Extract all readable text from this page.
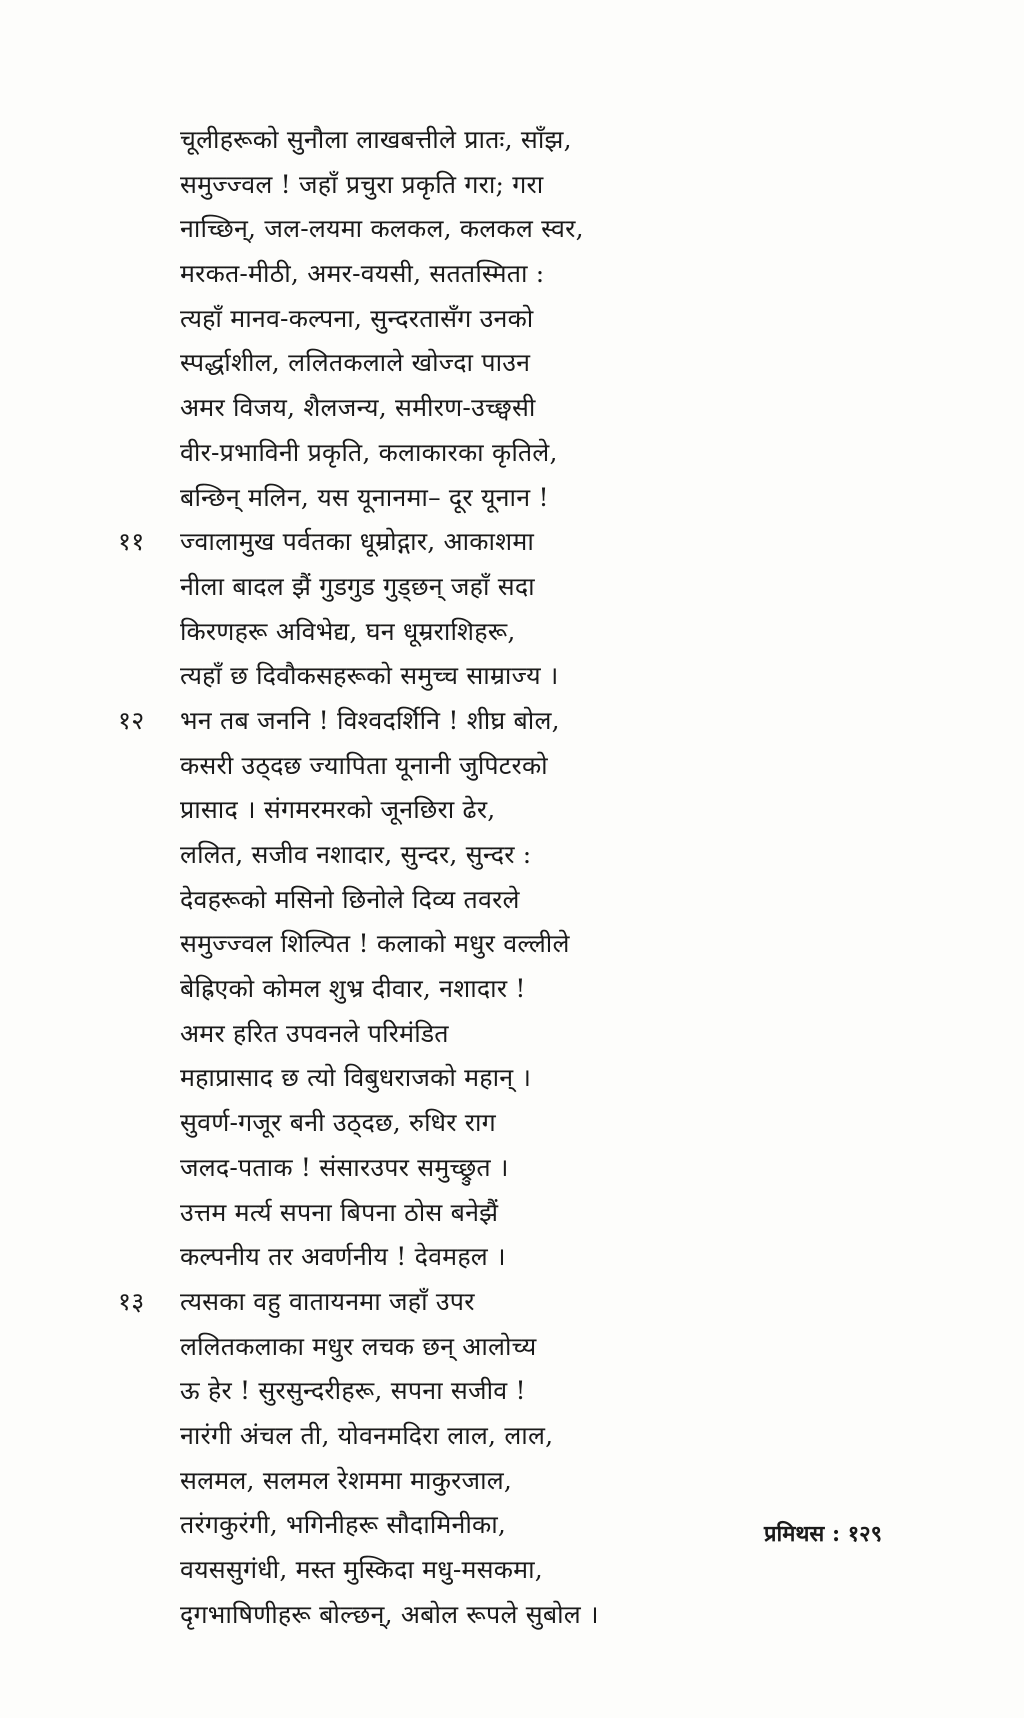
चूलीहरूको सुनौला लाखबत्तीले प्रातः, साँझ,
समुज्ज्वल ! जहाँ प्रचुरा प्रकृति गरा; गरा
नाच्छिन्, जल-लयमा कलकल, कलकल स्वर,
मरकत-मीठी, अमर-वयसी, सततस्मिता :
त्यहाँ मानव-कल्पना, सुन्दरतासँग उनको
स्पर्द्धाशील, ललितकलाले खोज्दा पाउन
अमर विजय, शैलजन्य, समीरण-उच्छ्वसी
वीर-प्रभाविनी प्रकृति, कलाकारका कृतिले,
बन्छिन् मलिन, यस यूनानमा– दूर यूनान !
११	ज्वालामुख पर्वतका धूम्रोद्गार, आकाशमा
नीला बादल झैं गुडगुड गुड्छन् जहाँ सदा
किरणहरू अविभेद्य, घन धूम्रराशिहरू,
त्यहाँ छ दिवौकसहरूको समुच्च साम्राज्य ।
१२	भन तब जननि ! विश्वदर्शिनि ! शीघ्र बोल,
कसरी उठ्दछ ज्यापिता यूनानी जुपिटरको
प्रासाद । संगमरमरको जूनछिरा ढेर,
ललित, सजीव नशादार, सुन्दर, सुन्दर :
देवहरूको मसिनो छिनोले दिव्य तवरले
समुज्ज्वल शिल्पित ! कलाको मधुर वल्लीले
बेह्रिएको कोमल शुभ्र दीवार, नशादार !
अमर हरित उपवनले परिमंडित
महाप्रासाद छ त्यो विबुधराजको महान् ।
सुवर्ण-गजूर बनी उठ्दछ, रुधिर राग
जलद-पताक ! संसारउपर समुच्छ्रुत ।
उत्तम मर्त्य सपना बिपना ठोस बनेझैं
कल्पनीय तर अवर्णनीय ! देवमहल ।
१३	त्यसका वहु वातायनमा जहाँ उपर
ललितकलाका मधुर लचक छन् आलोच्य
ऊ हेर ! सुरसुन्दरीहरू, सपना सजीव !
नारंगी अंचल ती, योवनमदिरा लाल, लाल,
सलमल, सलमल रेशममा माकुरजाल,
तरंगकुरंगी, भगिनीहरू सौदामिनीका,
वयससुगंधी, मस्त मुस्किदा मधु-मसकमा,
दृगभाषिणीहरू बोल्छन्, अबोल रूपले सुबोल ।
प्रमिथस : १२९
